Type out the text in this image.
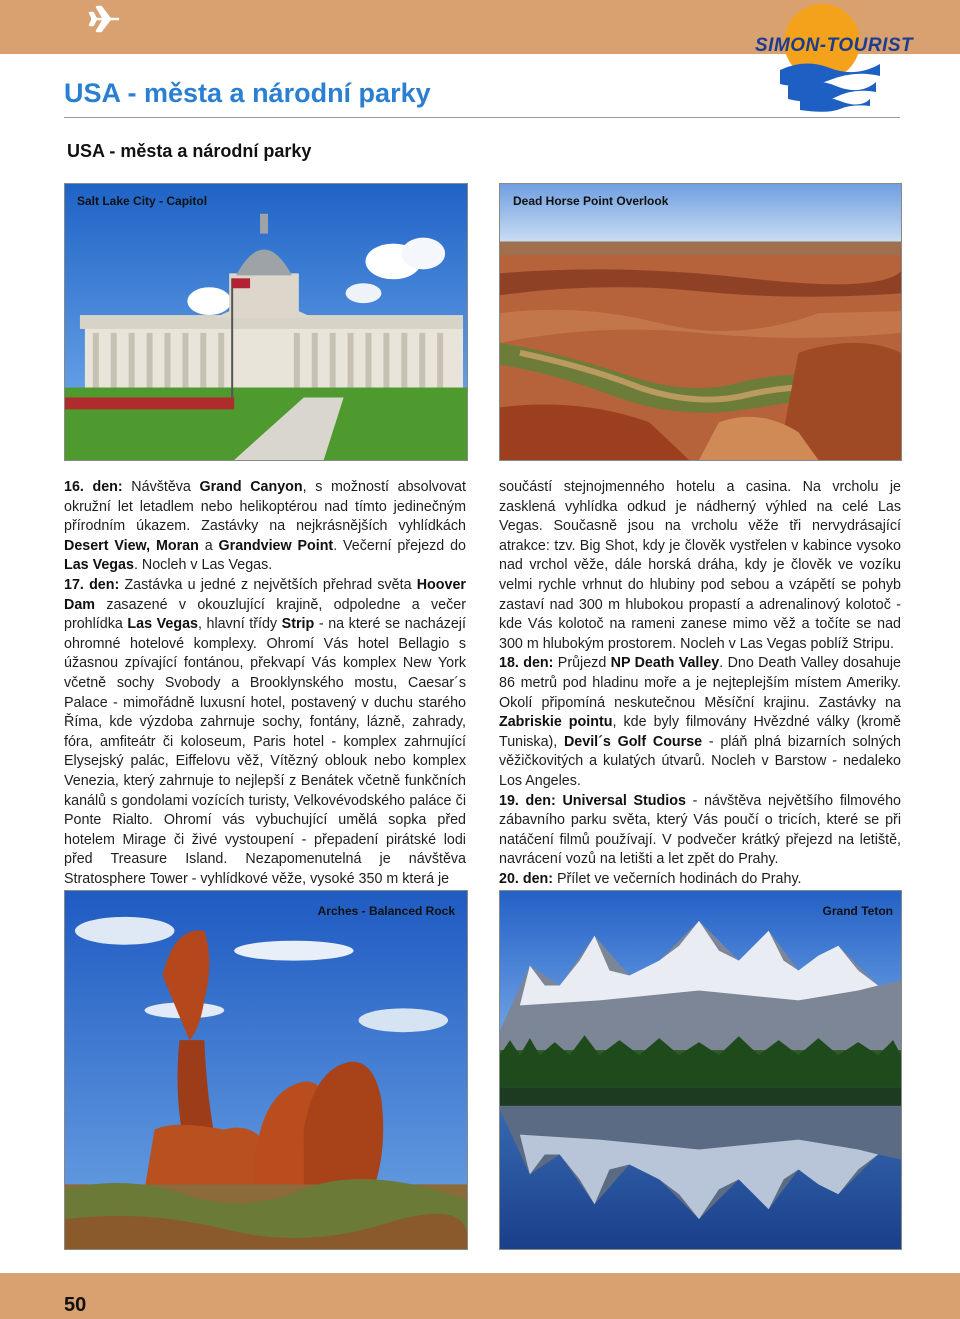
SIMON-TOURIST
USA - města a národní parky
USA - města a národní parky
Salt Lake City - Capitol	Dead Horse Point Overlook

16. den: Návštěva Grand Canyon, s možností absolvovat okružní let letadlem nebo helikoptérou nad tímto jedinečným přírodním úkazem. Zastávky na nejkrásnějších vyhlídkách Desert View, Moran a Grandview Point. Večerní přejezd do Las Vegas. Nocleh v Las Vegas.

17. den: Zastávka u jedné z největších přehrad světa Hoover Dam zasazené v okouzlující krajině, odpoledne a večer prohlídka Las Vegas, hlavní třídy Strip - na které se nacházejí ohromné hotelové komplexy. Ohromí Vás hotel Bellagio s úžasnou zpívající fontánou, překvapí Vás komplex New York včetně sochy Svobody a Brooklynského mostu, Caesar´s Palace - mimořádně luxusní hotel, postavený v duchu starého Říma, kde výzdoba zahrnuje sochy, fontány, lázně, zahrady, fóra, amfiteátr či koloseum, Paris hotel - komplex zahrnující Elysejský palác, Eiffelovu věž, Vítězný oblouk nebo komplex Venezia, který zahrnuje to nejlepší z Benátek včetně funkčních kanálů s gondolami vozících turisty, Velkovévodského paláce či Ponte Rialto. Ohromí vás vybuchující umělá sopka před hotelem Mirage či živé vystoupení - přepadení pirátské lodi před Treasure Island. Nezapomenutelná je návštěva Stratosphere Tower - vyhlídkové věže, vysoké 350 m která je

součástí stejnojmenného hotelu a casina. Na vrcholu je zasklená vyhlídka odkud je nádherný výhled na celé Las Vegas. Současně jsou na vrcholu věže tři nervydrásající atrakce: tzv. Big Shot, kdy je člověk vystřelen v kabince vysoko nad vrchol věže, dále horská dráha, kdy je člověk ve vozíku velmi rychle vrhnut do hlubiny pod sebou a vzápětí se pohyb zastaví nad 300 m hlubokou propastí a adrenalinový kolotoč - kde Vás kolotoč na rameni zanese mimo věž a točíte se nad 300 m hlubokým prostorem. Nocleh v Las Vegas poblíž Stripu.

18. den: Průjezd NP Death Valley. Dno Death Valley dosahuje 86 metrů pod hladinu moře a je nejteplejším místem Ameriky. Okolí připomíná neskutečnou Měsíční krajinu. Zastávky na Zabriskie pointu, kde byly filmovány Hvězdné války (kromě Tuniska), Devil´s Golf Course - pláň plná bizarních solných věžičkovitých a kulatých útvarů. Nocleh v Barstow - nedaleko Los Angeles.

19. den: Universal Studios - návštěva největšího filmového zábavního parku světa, který Vás poučí o tricích, které se při natáčení filmů používají. V podvečer krátký přejezd na letiště, navrácení vozů na letišti a let zpět do Prahy.

20. den: Přílet ve večerních hodinách do Prahy.

Arches - Balanced Rock	Grand Teton
50
